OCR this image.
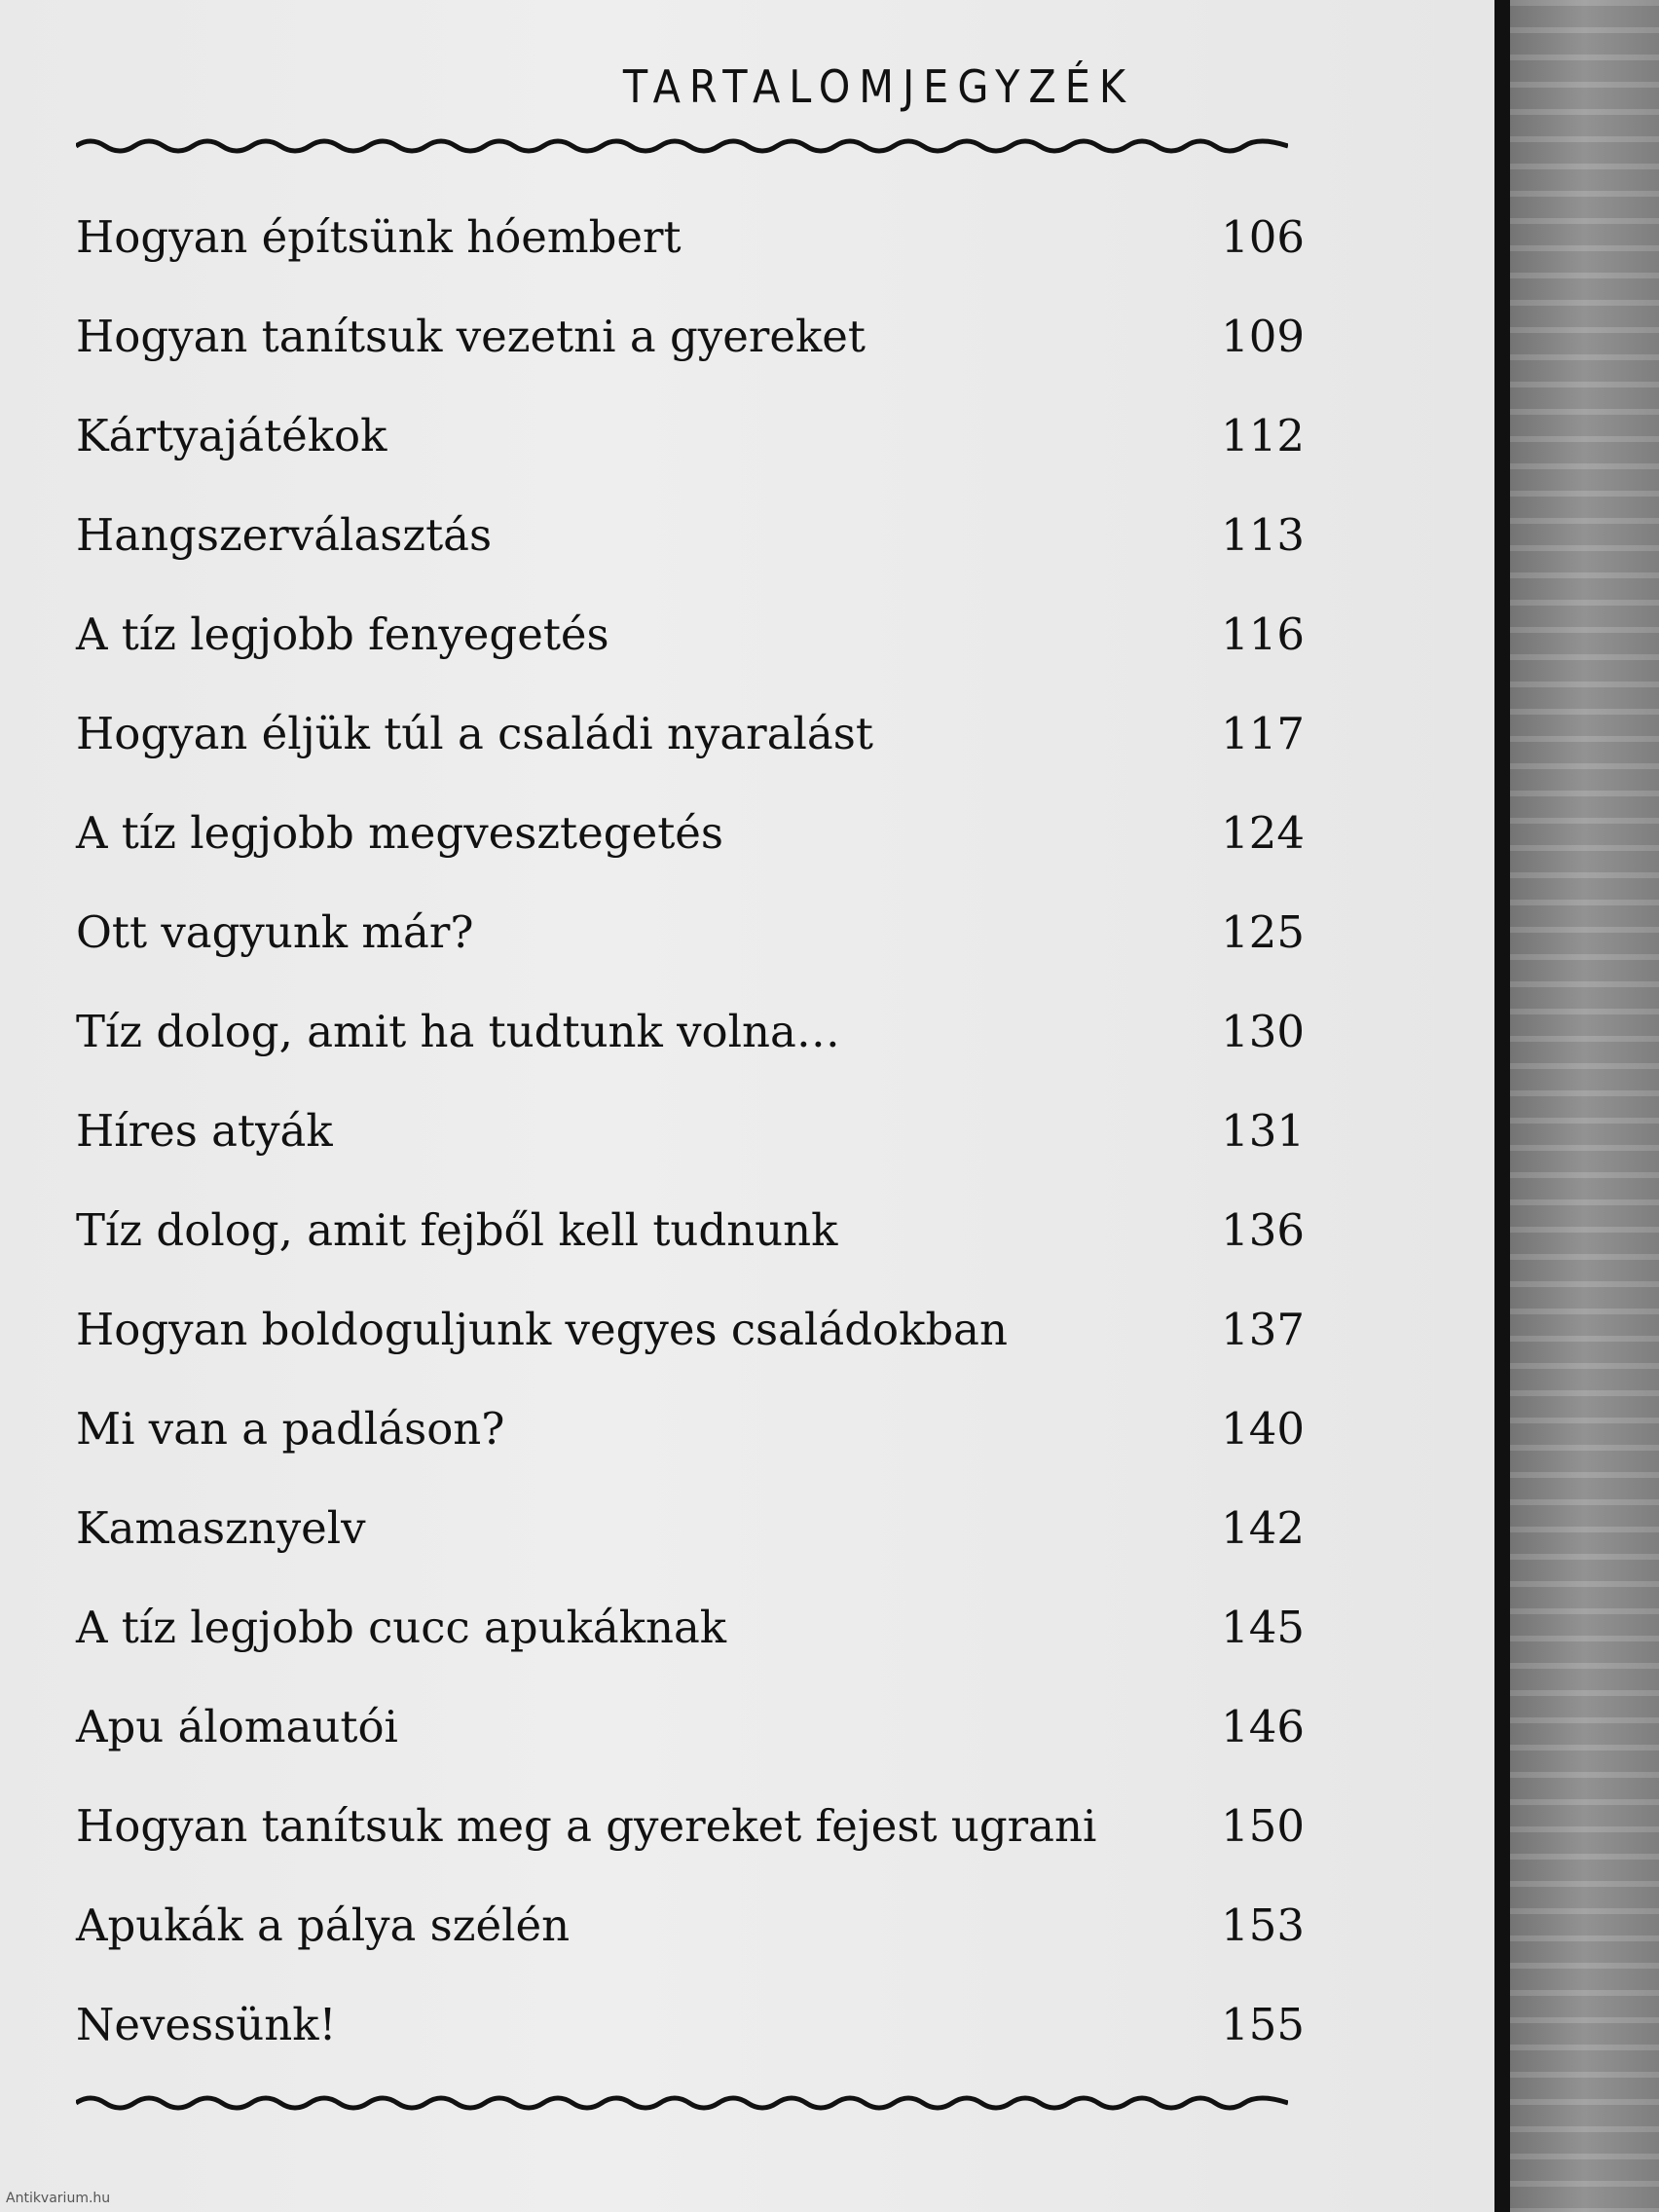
TARTALOMJEGYZÉK
Hogyan építsünk hóembert	106
Hogyan tanítsuk vezetni a gyereket	109
Kártyajátékok	112
Hangszerválasztás	113
A tíz legjobb fenyegetés	116
Hogyan éljük túl a családi nyaralást	117
A tíz legjobb megvesztegetés	124
Ott vagyunk már?	125
Tíz dolog, amit ha tudtunk volna…	130
Híres atyák	131
Tíz dolog, amit fejből kell tudnunk	136
Hogyan boldoguljunk vegyes családokban	137
Mi van a padláson?	140
Kamasznyelv	142
A tíz legjobb cucc apukáknak	145
Apu álomautói	146
Hogyan tanítsuk meg a gyereket fejest ugrani	150
Apukák a pálya szélén	153
Nevessünk!	155
Antikvarium.hu
